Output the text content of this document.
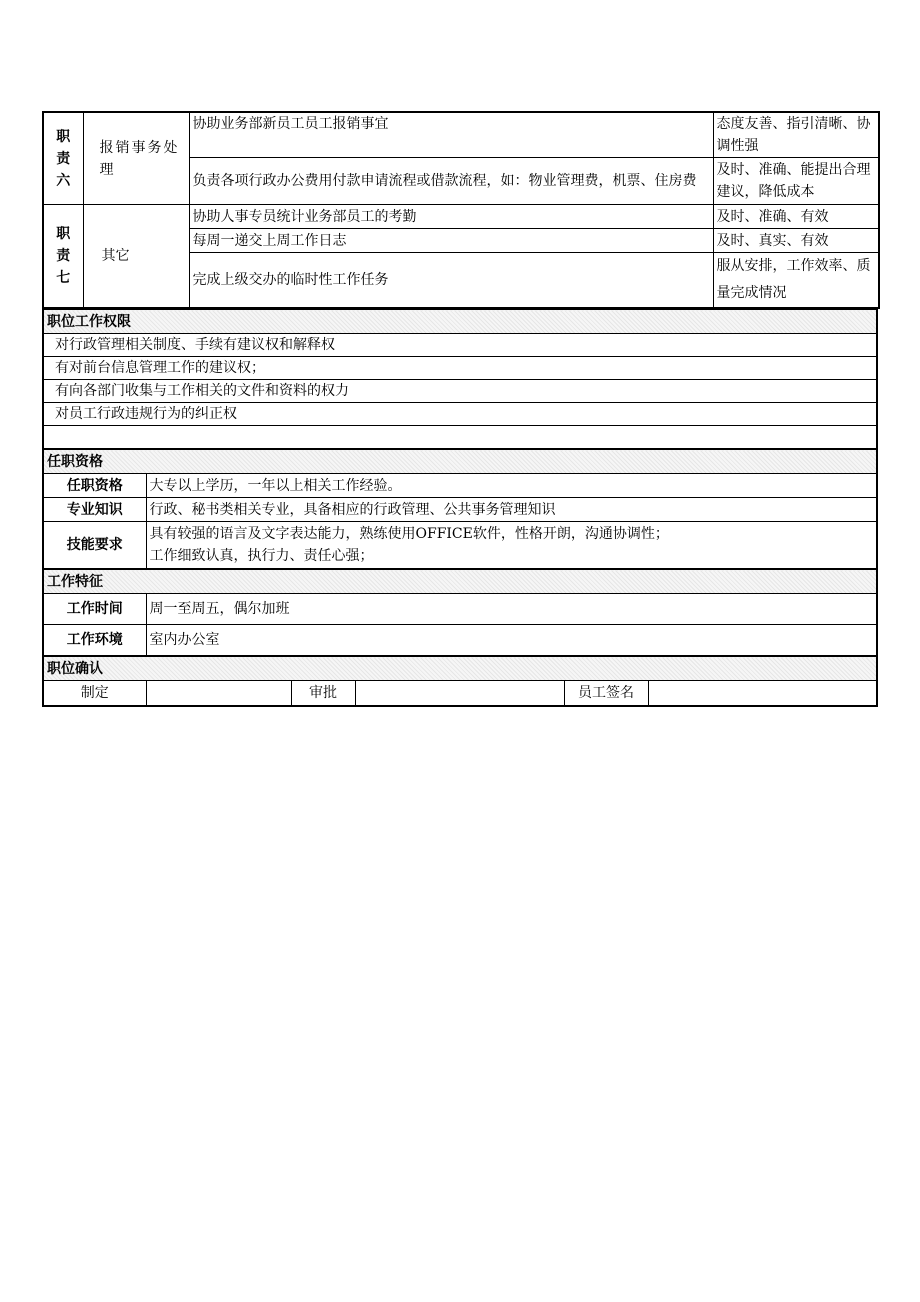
职
责
六	报销事务处理	协助业务部新员工员工报销事宜	态度友善、指引清晰、协调性强
		负责各项行政办公费用付款申请流程或借款流程，如：物业管理费，机票、住房费	及时、准确、能提出合理建议，降低成本
职
责
七	其它	协助人事专员统计业务部员工的考勤	及时、准确、有效
		每周一递交上周工作日志	及时、真实、有效
		完成上级交办的临时性工作任务	服从安排，工作效率、质量完成情况
职位工作权限
对行政管理相关制度、手续有建议权和解释权
有对前台信息管理工作的建议权；
有向各部门收集与工作相关的文件和资料的权力
对员工行政违规行为的纠正权

任职资格	
任职资格	大专以上学历，一年以上相关工作经验。
专业知识	行政、秘书类相关专业，具备相应的行政管理、公共事务管理知识
技能要求	具有较强的语言及文字表达能力，熟练使用OFFICE软件，性格开朗，沟通协调性；
工作细致认真，执行力、责任心强；
工作特征	
工作时间	周一至周五，偶尔加班
工作环境	室内办公室
职位确认
制定		审批		员工签名	
